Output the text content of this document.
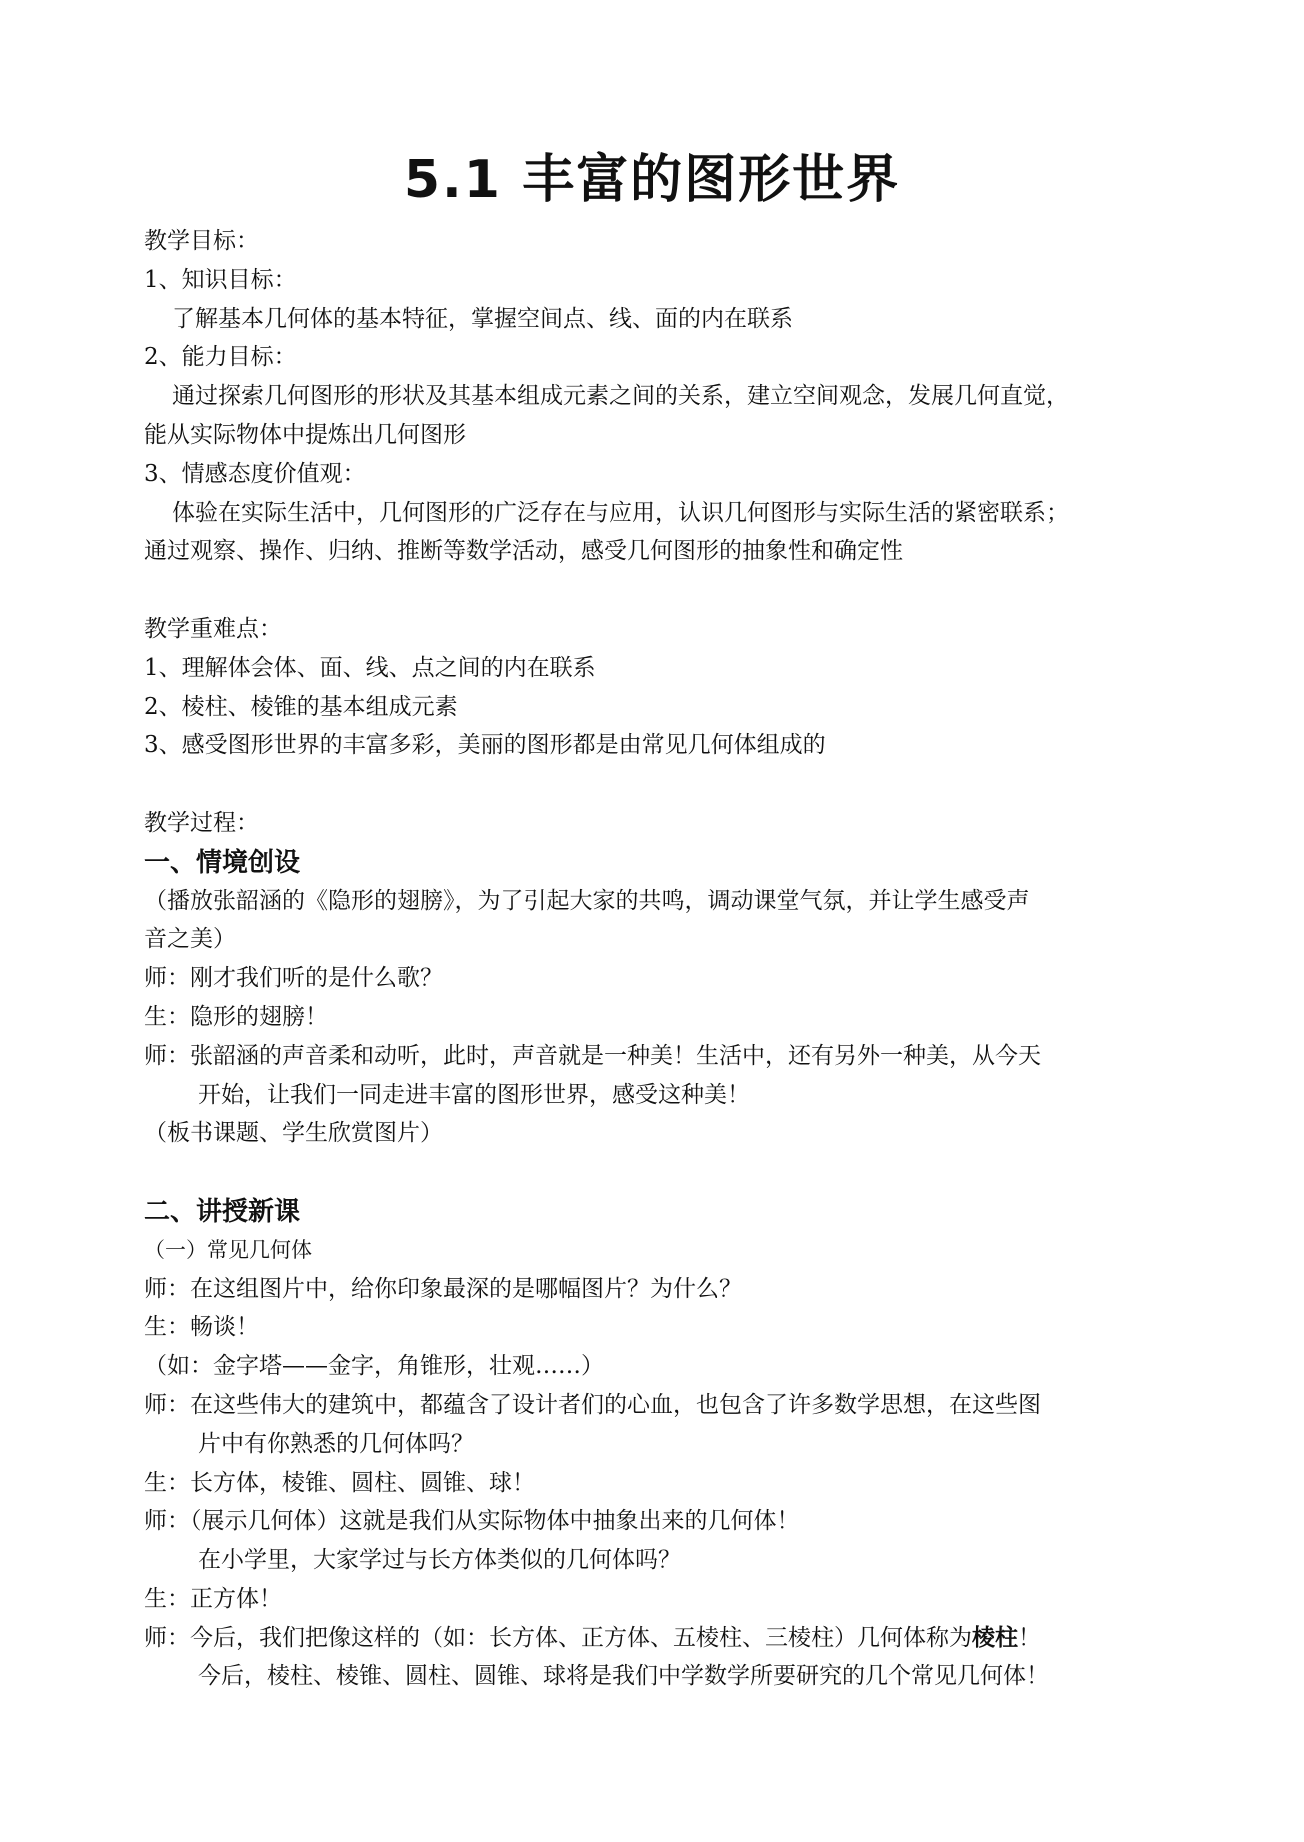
5.1 丰富的图形世界
教学目标：
1、知识目标：
了解基本几何体的基本特征，掌握空间点、线、面的内在联系
2、能力目标：
通过探索几何图形的形状及其基本组成元素之间的关系，建立空间观念，发展几何直觉，
能从实际物体中提炼出几何图形
3、情感态度价值观：
体验在实际生活中，几何图形的广泛存在与应用，认识几何图形与实际生活的紧密联系；
通过观察、操作、归纳、推断等数学活动，感受几何图形的抽象性和确定性
教学重难点：
1、理解体会体、面、线、点之间的内在联系
2、棱柱、棱锥的基本组成元素
3、感受图形世界的丰富多彩，美丽的图形都是由常见几何体组成的
教学过程：
一、情境创设
（播放张韶涵的《隐形的翅膀》，为了引起大家的共鸣，调动课堂气氛，并让学生感受声
音之美）
师：刚才我们听的是什么歌？
生：隐形的翅膀！
师：张韶涵的声音柔和动听，此时，声音就是一种美！生活中，还有另外一种美，从今天
开始，让我们一同走进丰富的图形世界，感受这种美！
（板书课题、学生欣赏图片）
二、讲授新课
（一）常见几何体
师：在这组图片中，给你印象最深的是哪幅图片？为什么？
生：畅谈！
（如：金字塔——金字，角锥形，壮观……）
师：在这些伟大的建筑中，都蕴含了设计者们的心血，也包含了许多数学思想，在这些图
片中有你熟悉的几何体吗？
生：长方体，棱锥、圆柱、圆锥、球！
师：（展示几何体）这就是我们从实际物体中抽象出来的几何体！
在小学里，大家学过与长方体类似的几何体吗？
生：正方体！
师：今后，我们把像这样的（如：长方体、正方体、五棱柱、三棱柱）几何体称为棱柱！
今后，棱柱、棱锥、圆柱、圆锥、球将是我们中学数学所要研究的几个常见几何体！
